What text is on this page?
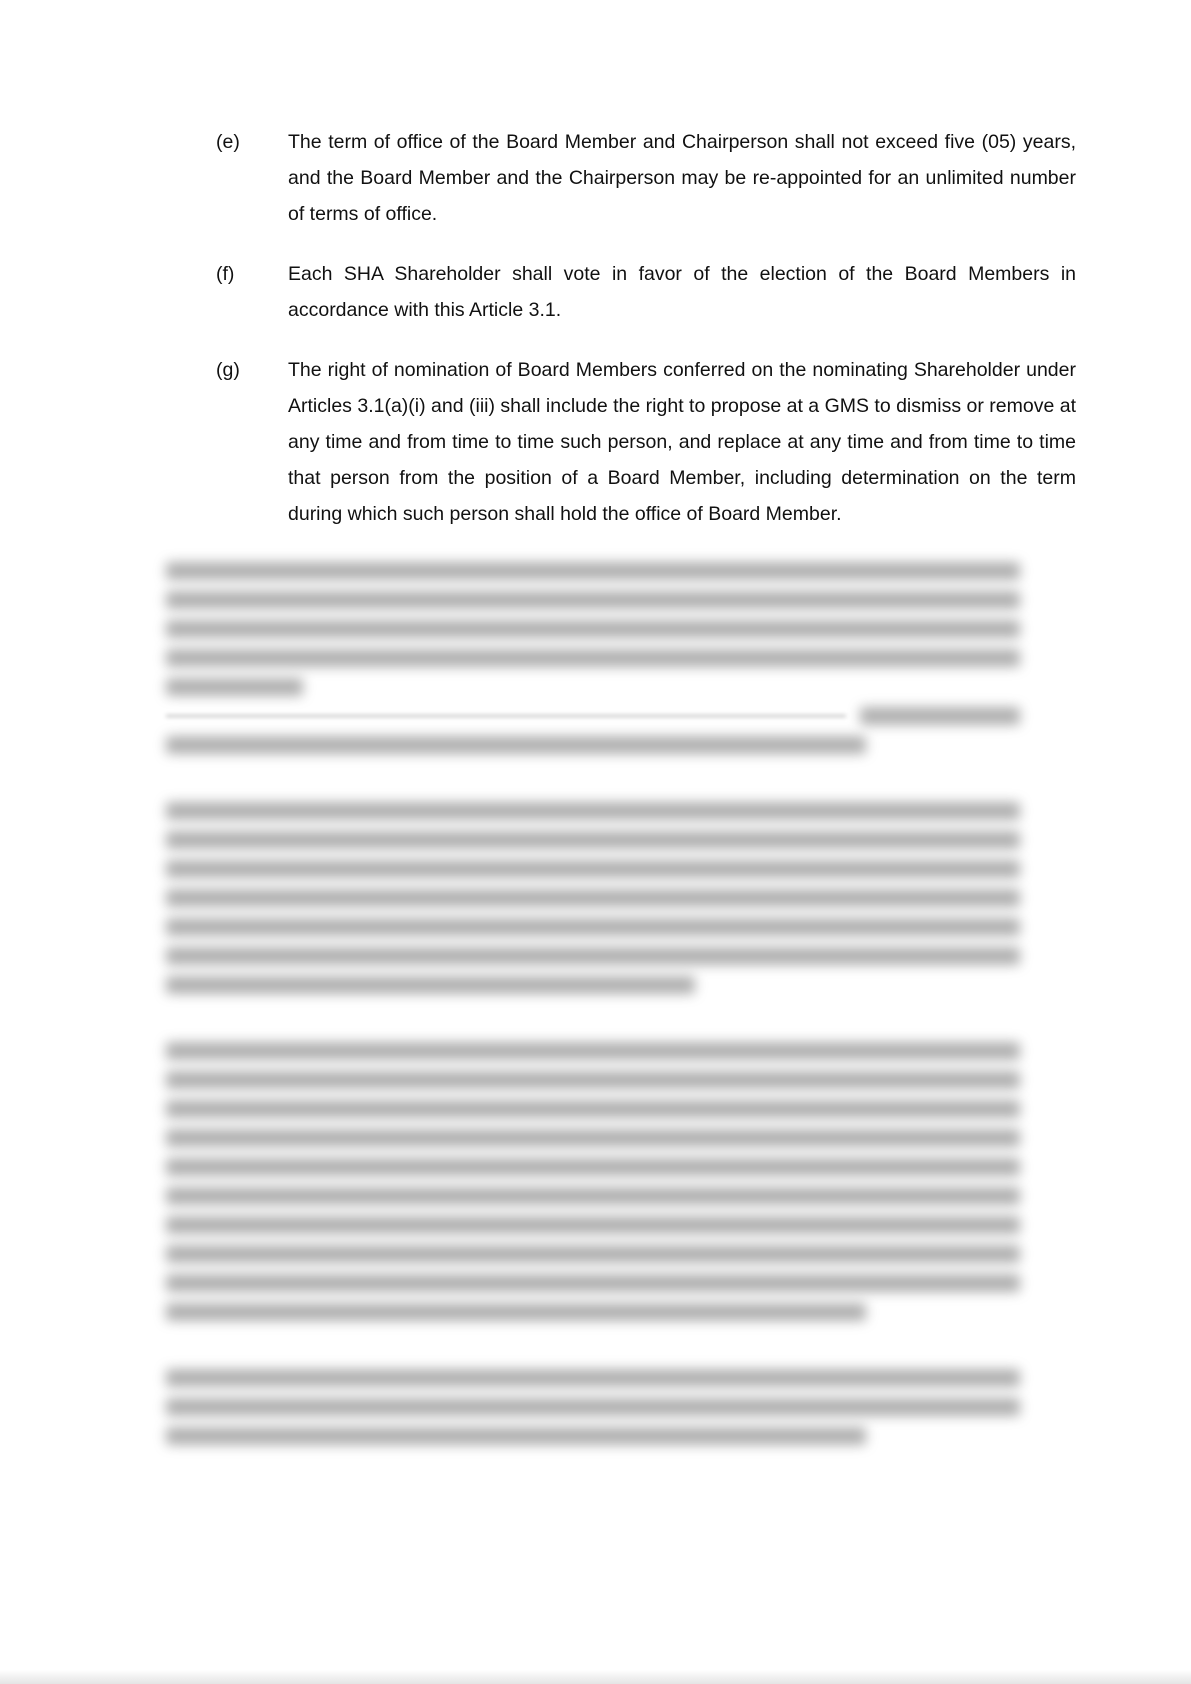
(e)	The term of office of the Board Member and Chairperson shall not exceed five (05) years, and the Board Member and the Chairperson may be re-appointed for an unlimited number of terms of office.

(f)	Each SHA Shareholder shall vote in favor of the election of the Board Members in accordance with this Article 3.1.

(g)	The right of nomination of Board Members conferred on the nominating Shareholder under Articles 3.1(a)(i) and (iii) shall include the right to propose at a GMS to dismiss or remove at any time and from time to time such person, and replace at any time and from time to time that person from the position of a Board Member, including determination on the term during which such person shall hold the office of Board Member.
